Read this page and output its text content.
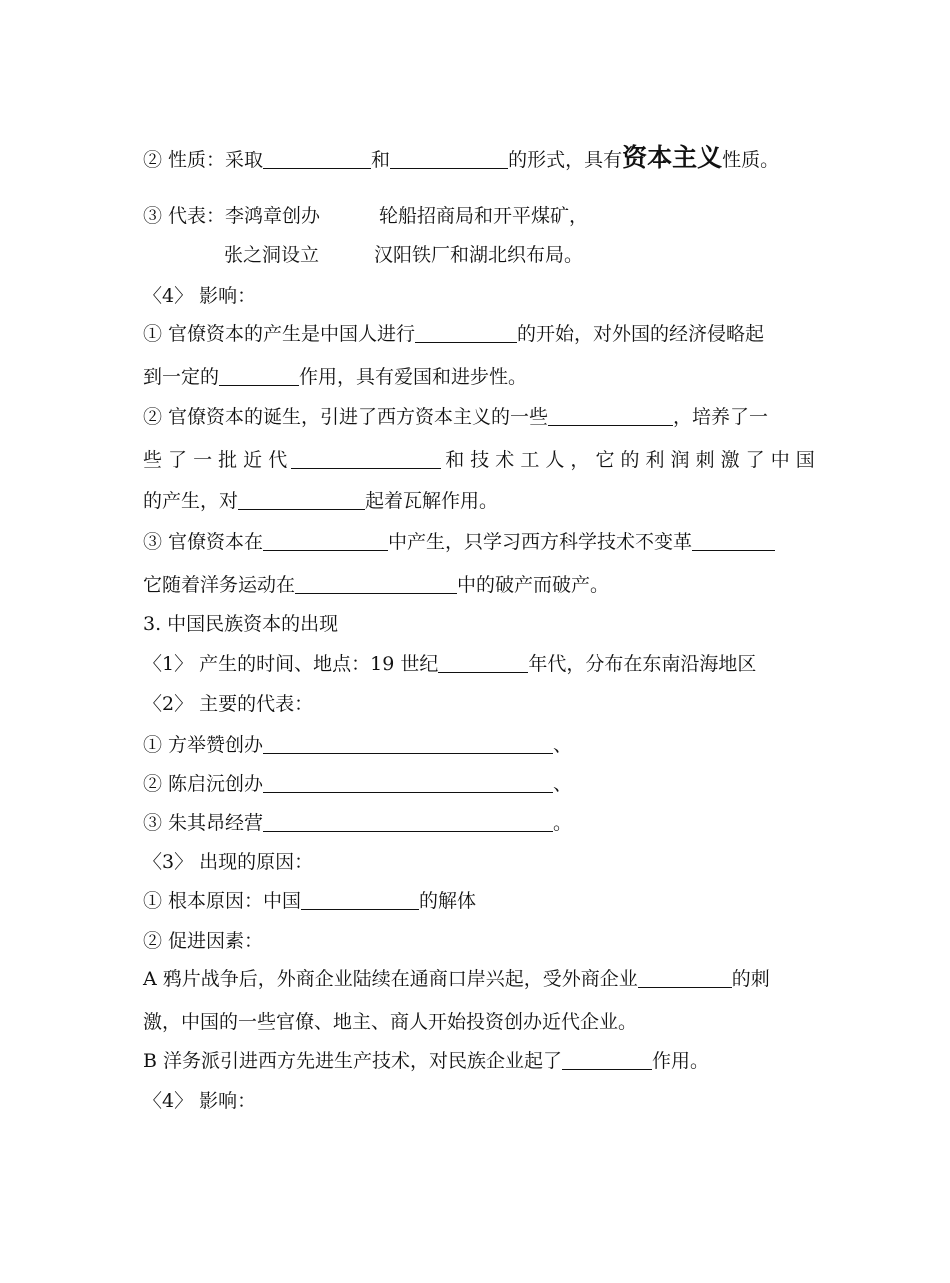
② 性质：采取	和	的形式，具有资本主义性质。
③ 代表：李鸿章创办	轮船招商局和开平煤矿，
张之洞设立	汉阳铁厂和湖北织布局。
〈4〉 影响：
① 官僚资本的产生是中国人进行	的开始，对外国的经济侵略起
到一定的	作用，具有爱国和进步性。
② 官僚资本的诞生，引进了西方资本主义的一些	，培养了一
些 了 一 批 近 代	和 技 术 工 人 ， 它 的 利 润 刺 激 了 中 国
的产生，对	起着瓦解作用。
③ 官僚资本在	中产生，只学习西方科学技术不变革
它随着洋务运动在	中的破产而破产。
3. 中国民族资本的出现
〈1〉 产生的时间、地点：19 世纪	年代，分布在东南沿海地区
〈2〉 主要的代表：
① 方举赞创办	、
② 陈启沅创办	、
③ 朱其昂经营	。
〈3〉 出现的原因：
① 根本原因：中国	的解体
② 促进因素：
A 鸦片战争后，外商企业陆续在通商口岸兴起，受外商企业	的刺
激，中国的一些官僚、地主、商人开始投资创办近代企业。
B 洋务派引进西方先进生产技术，对民族企业起了	作用。
〈4〉 影响：
